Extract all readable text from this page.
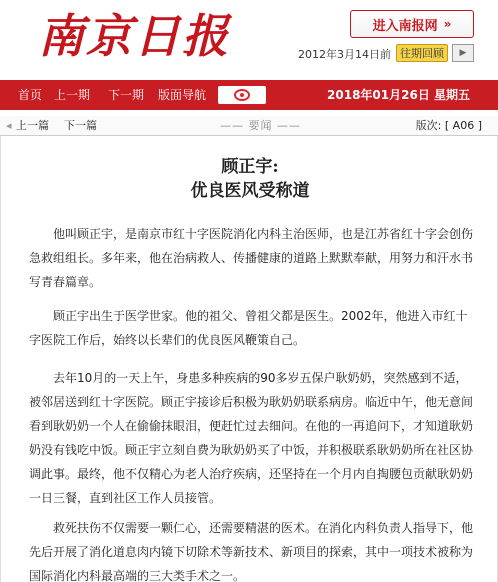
南京日报	进入南报网 »
2012年3月14日前 往期回顾	▶
首页 上一期 下一期 版面导航	2018年01月26日 星期五
◂ 上一篇 下一篇	—— 要闻 ——	版次: [ A06 ]
顾正宇:
优良医风受称道

他叫顾正宇，是南京市红十字医院消化内科主治医师，也是江苏省红十字会创伤急救组组长。多年来，他在治病救人、传播健康的道路上默默奉献，用努力和汗水书写青春篇章。

顾正宇出生于医学世家。他的祖父、曾祖父都是医生。2002年，他进入市红十字医院工作后，始终以长辈们的优良医风鞭策自己。

去年10月的一天上午，身患多种疾病的90多岁五保户耿奶奶，突然感到不适，被邻居送到红十字医院。顾正宇接诊后积极为耿奶奶联系病房。临近中午，他无意间看到耿奶奶一个人在偷偷抹眼泪，便赶忙过去细问。在他的一再追问下，才知道耿奶奶没有钱吃中饭。顾正宇立刻自费为耿奶奶买了中饭，并积极联系耿奶奶所在社区协调此事。最终，他不仅精心为老人治疗疾病，还坚持在一个月内自掏腰包贡献耿奶奶一日三餐，直到社区工作人员接管。

救死扶伤不仅需要一颗仁心，还需要精湛的医术。在消化内科负责人指导下，他先后开展了消化道息肉内镜下切除术等新技术、新项目的探索，其中一项技术被称为国际消化内科最高端的三大类手术之一。
